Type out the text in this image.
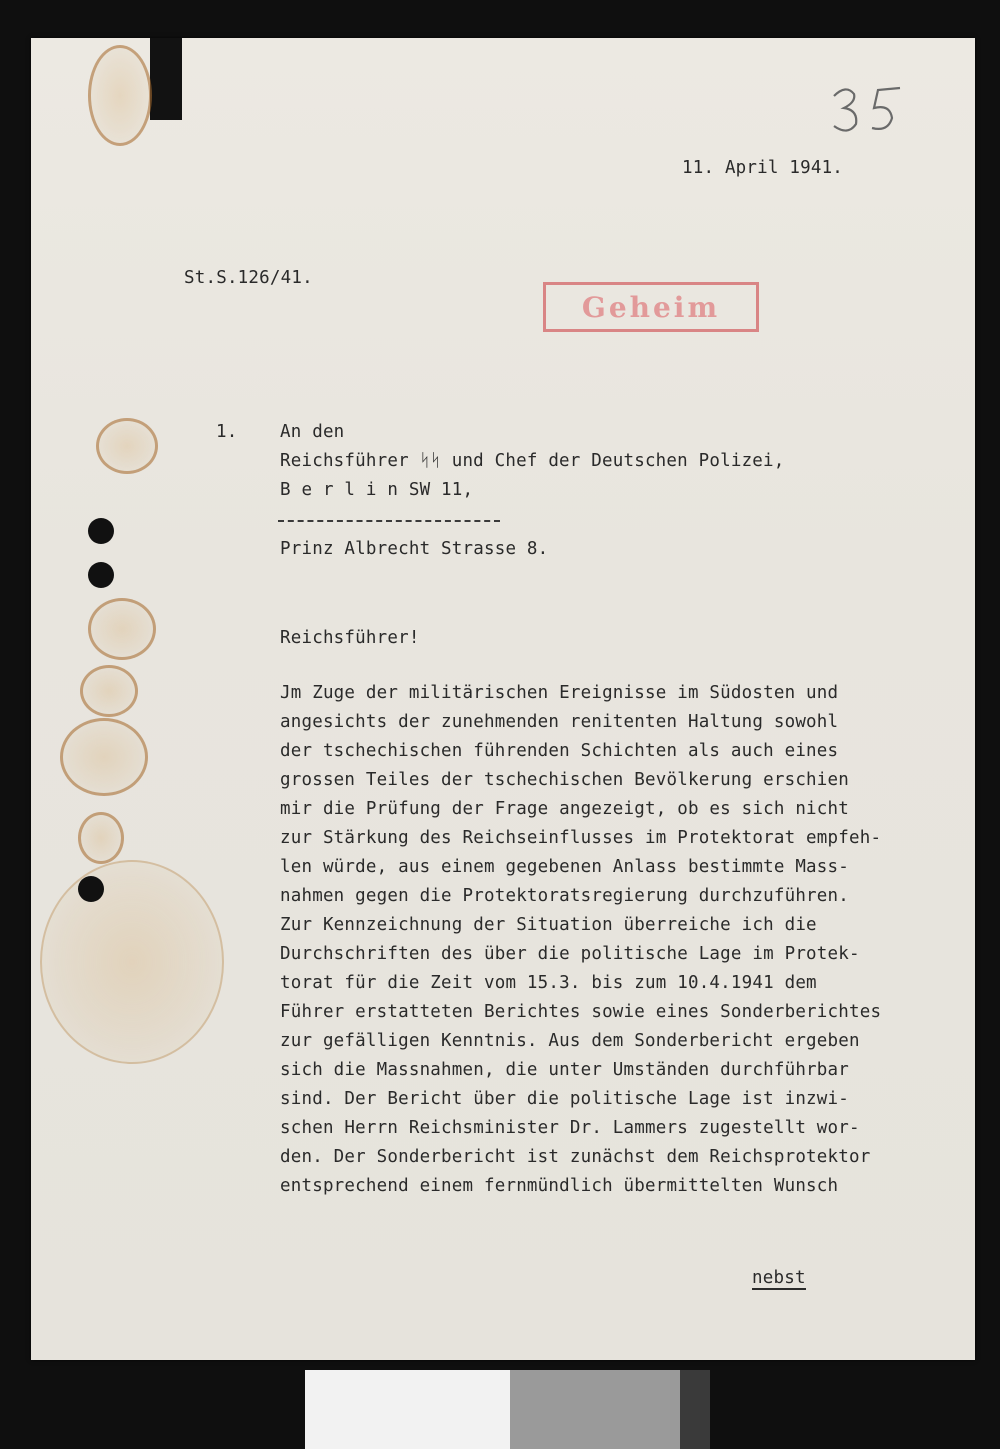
11. April 1941.

St.S.126/41.

Geheim

1. An den

Reichsführer ᛋᛋ und Chef der Deutschen Polizei,

B e r l i n SW 11,

Prinz Albrecht Strasse 8.

Reichsführer!

Jm Zuge der militärischen Ereignisse im Südosten und
angesichts der zunehmenden renitenten Haltung sowohl
der tschechischen führenden Schichten als auch eines
grossen Teiles der tschechischen Bevölkerung erschien
mir die Prüfung der Frage angezeigt, ob es sich nicht
zur Stärkung des Reichseinflusses im Protektorat empfeh-
len würde, aus einem gegebenen Anlass bestimmte Mass-
nahmen gegen die Protektoratsregierung durchzuführen.
Zur Kennzeichnung der Situation überreiche ich die
Durchschriften des über die politische Lage im Protek-
torat für die Zeit vom 15.3. bis zum 10.4.1941 dem
Führer erstatteten Berichtes sowie eines Sonderberichtes
zur gefälligen Kenntnis. Aus dem Sonderbericht ergeben
sich die Massnahmen, die unter Umständen durchführbar
sind. Der Bericht über die politische Lage ist inzwi-
schen Herrn Reichsminister Dr. Lammers zugestellt wor-
den. Der Sonderbericht ist zunächst dem Reichsprotektor
entsprechend einem fernmündlich übermittelten Wunsch

nebst
